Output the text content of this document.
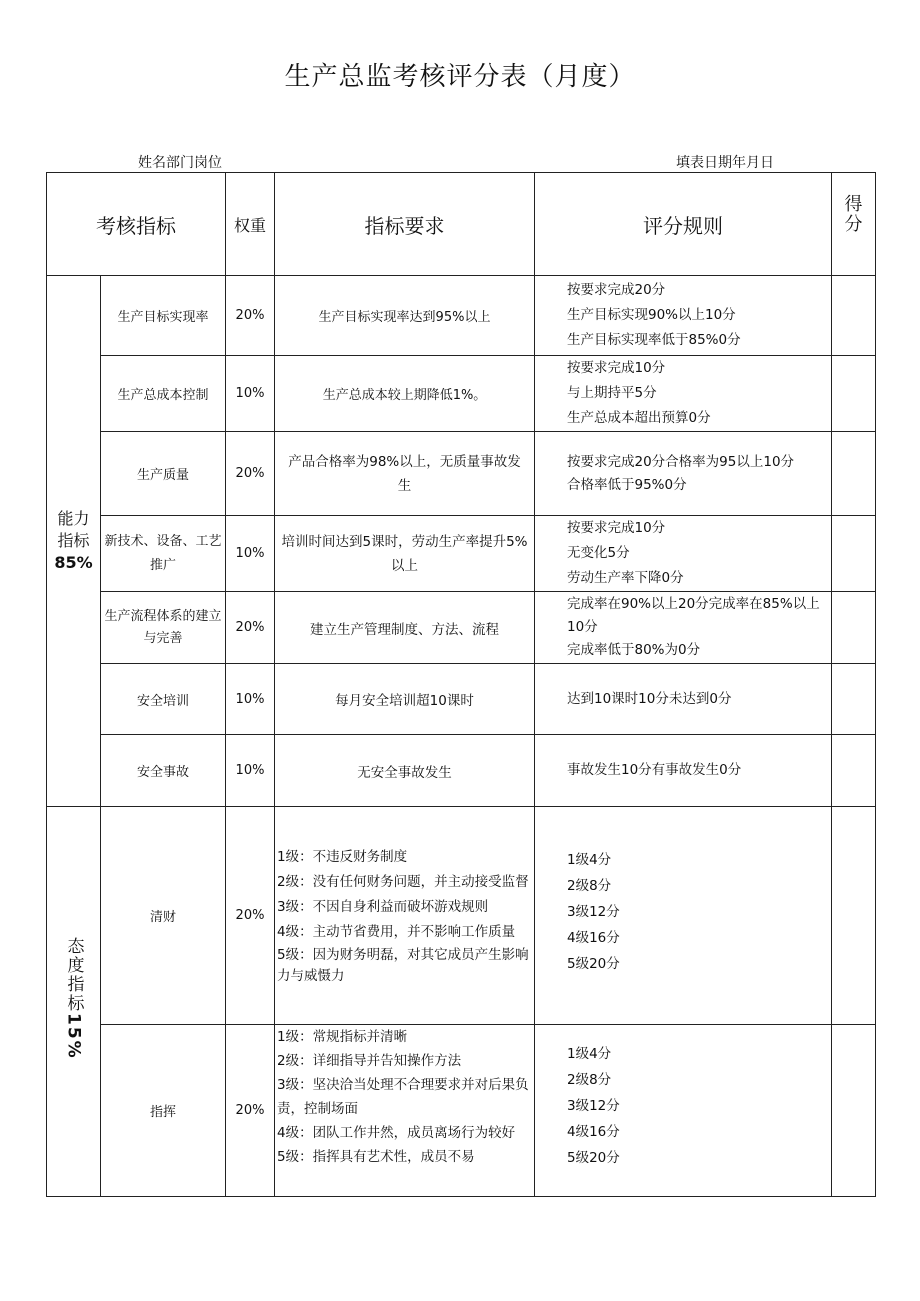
生产总监考核评分表（月度）
姓名部门岗位	填表日期年月日
考核指标		权重	指标要求	评分规则	得分
能力指标
85%	生产目标实现率	20%	生产目标实现率达到95%以上	按要求完成20分
生产目标实现90%以上10分
生产目标实现率低于85%0分	

	生产总成本控制	10%	生产总成本较上期降低1%。	按要求完成10分
与上期持平5分
生产总成本超出预算0分	

	生产质量	20%	产品合格率为98%以上，无质量事故发生	按要求完成20分合格率为95以上10分
合格率低于95%0分	

	新技术、设备、工艺推广	10%	培训时间达到5课时，劳动生产率提升5%以上	按要求完成10分
无变化5分
劳动生产率下降0分	

	生产流程体系的建立与完善	20%	建立生产管理制度、方法、流程	完成率在90%以上20分完成率在85%以上10分
完成率低于80%为0分	

	安全培训	10%	每月安全培训超10课时	达到10课时10分未达到0分	

	安全事故	10%	无安全事故发生	事故发生10分有事故发生0分	

态度指标15%	清财	20%	1级：不违反财务制度
2级：没有任何财务问题，并主动接受监督
3级：不因自身利益而破坏游戏规则
4级：主动节省费用，并不影响工作质量
5级：因为财务明磊，对其它成员产生影响力与威慑力	1级4分
2级8分
3级12分
4级16分
5级20分	

	指挥	20%	1级：常规指标并清晰
2级：详细指导并告知操作方法
3级：坚决洽当处理不合理要求并对后果负责，控制场面
4级：团队工作井然，成员离场行为较好
5级：指挥具有艺术性，成员不易	1级4分
2级8分
3级12分
4级16分
5级20分	
